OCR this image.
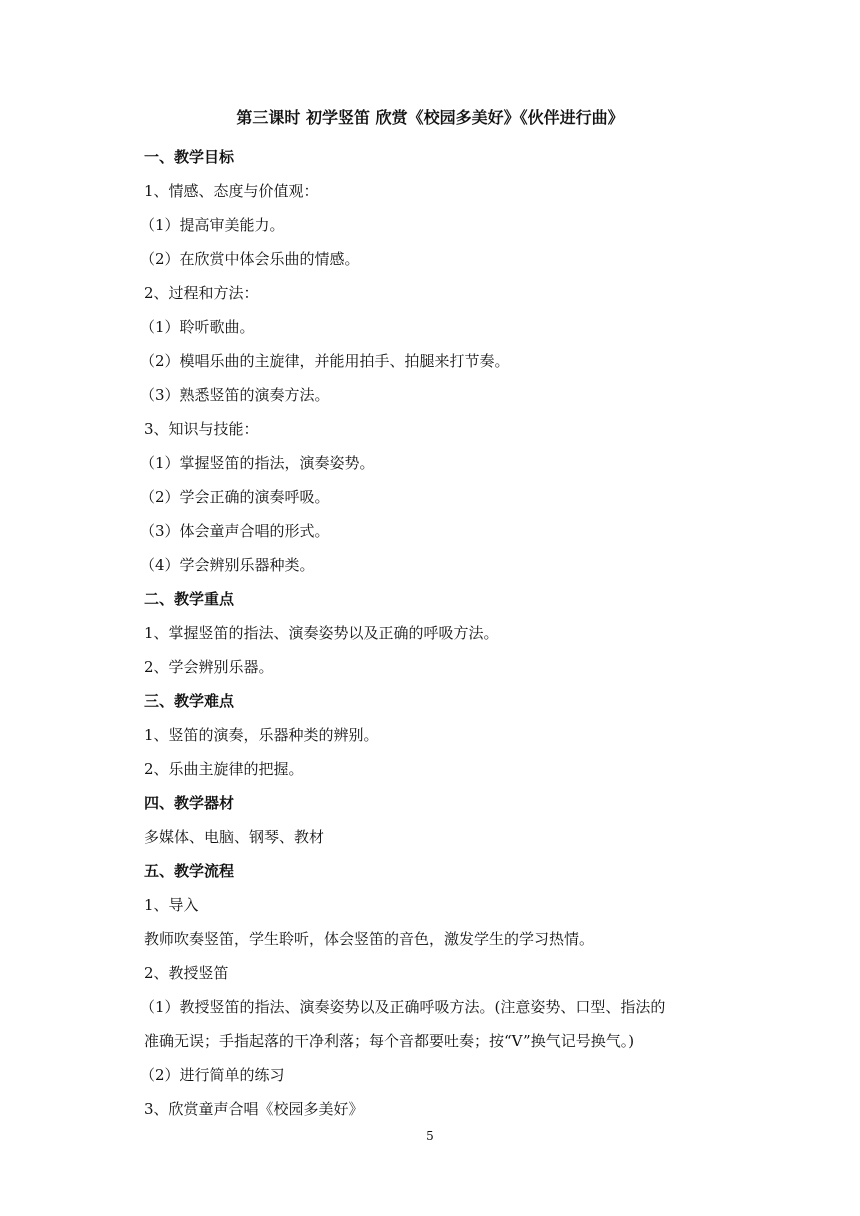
第三课时 初学竖笛 欣赏《校园多美好》《伙伴进行曲》
一、教学目标
1、情感、态度与价值观：
（1）提高审美能力。
（2）在欣赏中体会乐曲的情感。
2、过程和方法：
（1）聆听歌曲。
（2）模唱乐曲的主旋律，并能用拍手、拍腿来打节奏。
（3）熟悉竖笛的演奏方法。
3、知识与技能：
（1）掌握竖笛的指法，演奏姿势。
（2）学会正确的演奏呼吸。
（3）体会童声合唱的形式。
（4）学会辨别乐器种类。
二、教学重点
1、掌握竖笛的指法、演奏姿势以及正确的呼吸方法。
2、学会辨别乐器。
三、教学难点
1、竖笛的演奏，乐器种类的辨别。
2、乐曲主旋律的把握。
四、教学器材
多媒体、电脑、钢琴、教材
五、教学流程
1、导入
教师吹奏竖笛，学生聆听，体会竖笛的音色，激发学生的学习热情。
2、教授竖笛
（1）教授竖笛的指法、演奏姿势以及正确呼吸方法。(注意姿势、口型、指法的
准确无误；手指起落的干净利落；每个音都要吐奏；按“V”换气记号换气。)
（2）进行简单的练习
3、欣赏童声合唱《校园多美好》
5
